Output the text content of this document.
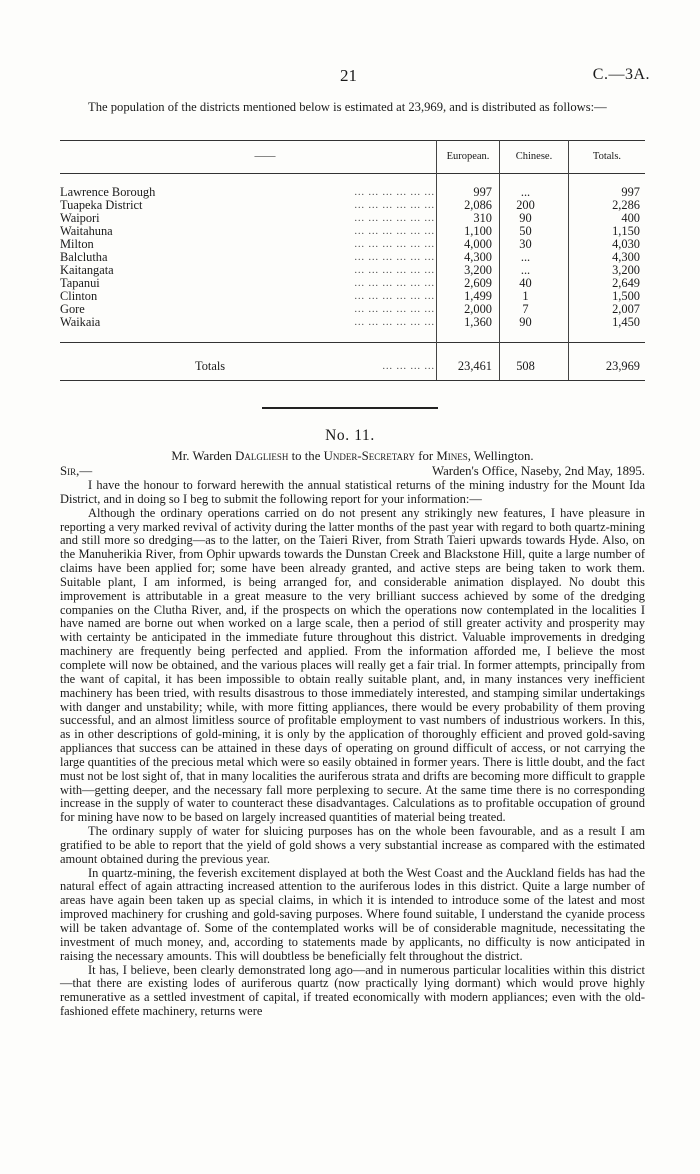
21	C.—3A.
The population of the districts mentioned below is estimated at 23,969, and is distributed as follows:—
——	European.	Chinese.	Totals.
Lawrence Borough	... ... ... ... ... ...	997	...	997
Tuapeka District	... ... ... ... ... ...	2,086	200	2,286
Waipori	... ... ... ... ... ...	310	90	400
Waitahuna	... ... ... ... ... ...	1,100	50	1,150
Milton	... ... ... ... ... ...	4,000	30	4,030
Balclutha	... ... ... ... ... ...	4,300	...	4,300
Kaitangata	... ... ... ... ... ...	3,200	...	3,200
Tapanui	... ... ... ... ... ...	2,609	40	2,649
Clinton	... ... ... ... ... ...	1,499	1	1,500
Gore	... ... ... ... ... ...	2,000	7	2,007
Waikaia	... ... ... ... ... ...	1,360	90	1,450
Totals	... ... ... ...	23,461	508	23,969
No. 11.
Mr. Warden Dalgliesh to the Under-Secretary for Mines, Wellington.
Sir,—	Warden's Office, Naseby, 2nd May, 1895.

I have the honour to forward herewith the annual statistical returns of the mining industry for the Mount Ida District, and in doing so I beg to submit the following report for your information:—

Although the ordinary operations carried on do not present any strikingly new features, I have pleasure in reporting a very marked revival of activity during the latter months of the past year with regard to both quartz-mining and still more so dredging—as to the latter, on the Taieri River, from Strath Taieri upwards towards Hyde. Also, on the Manuherikia River, from Ophir upwards towards the Dunstan Creek and Blackstone Hill, quite a large number of claims have been applied for; some have been already granted, and active steps are being taken to work them. Suitable plant, I am informed, is being arranged for, and considerable animation displayed. No doubt this improvement is attributable in a great measure to the very brilliant success achieved by some of the dredging companies on the Clutha River, and, if the prospects on which the operations now contemplated in the localities I have named are borne out when worked on a large scale, then a period of still greater activity and prosperity may with certainty be anticipated in the immediate future throughout this district. Valuable improvements in dredging machinery are frequently being perfected and applied. From the information afforded me, I believe the most complete will now be obtained, and the various places will really get a fair trial. In former attempts, principally from the want of capital, it has been impossible to obtain really suitable plant, and, in many instances very inefficient machinery has been tried, with results disastrous to those immediately interested, and stamping similar undertakings with danger and unstability; while, with more fitting appliances, there would be every probability of them proving successful, and an almost limitless source of profitable employment to vast numbers of industrious workers. In this, as in other descriptions of gold-mining, it is only by the application of thoroughly efficient and proved gold-saving appliances that success can be attained in these days of operating on ground difficult of access, or not carrying the large quantities of the precious metal which were so easily obtained in former years. There is little doubt, and the fact must not be lost sight of, that in many localities the auriferous strata and drifts are becoming more difficult to grapple with—getting deeper, and the necessary fall more perplexing to secure. At the same time there is no corresponding increase in the supply of water to counteract these disadvantages. Calculations as to profitable occupation of ground for mining have now to be based on largely increased quantities of material being treated.

The ordinary supply of water for sluicing purposes has on the whole been favourable, and as a result I am gratified to be able to report that the yield of gold shows a very substantial increase as compared with the estimated amount obtained during the previous year.

In quartz-mining, the feverish excitement displayed at both the West Coast and the Auckland fields has had the natural effect of again attracting increased attention to the auriferous lodes in this district. Quite a large number of areas have again been taken up as special claims, in which it is intended to introduce some of the latest and most improved machinery for crushing and gold-saving purposes. Where found suitable, I understand the cyanide process will be taken advantage of. Some of the contemplated works will be of considerable magnitude, necessitating the investment of much money, and, according to statements made by applicants, no difficulty is now anticipated in raising the necessary amounts. This will doubtless be beneficially felt throughout the district.

It has, I believe, been clearly demonstrated long ago—and in numerous particular localities within this district—that there are existing lodes of auriferous quartz (now practically lying dormant) which would prove highly remunerative as a settled investment of capital, if treated economically with modern appliances; even with the old-fashioned effete machinery, returns were
